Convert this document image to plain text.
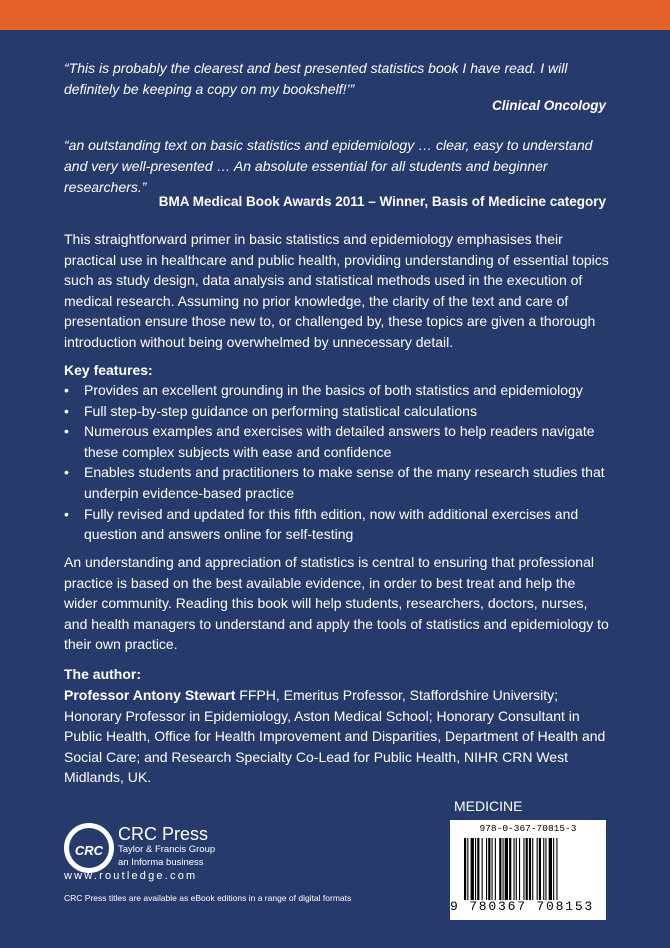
“This is probably the clearest and best presented statistics book I have read. I will definitely be keeping a copy on my bookshelf!’”
Clinical Oncology
“an outstanding text on basic statistics and epidemiology … clear, easy to understand and very well-presented … An absolute essential for all students and beginner researchers.”
BMA Medical Book Awards 2011 – Winner, Basis of Medicine category
This straightforward primer in basic statistics and epidemiology emphasises their practical use in healthcare and public health, providing understanding of essential topics such as study design, data analysis and statistical methods used in the execution of medical research. Assuming no prior knowledge, the clarity of the text and care of presentation ensure those new to, or challenged by, these topics are given a thorough introduction without being overwhelmed by unnecessary detail.
Key features:
• Provides an excellent grounding in the basics of both statistics and epidemiology
• Full step-by-step guidance on performing statistical calculations
• Numerous examples and exercises with detailed answers to help readers navigate these complex subjects with ease and confidence
• Enables students and practitioners to make sense of the many research studies that underpin evidence-based practice
• Fully revised and updated for this fifth edition, now with additional exercises and question and answers online for self-testing
An understanding and appreciation of statistics is central to ensuring that professional practice is based on the best available evidence, in order to best treat and help the wider community. Reading this book will help students, researchers, doctors, nurses, and health managers to understand and apply the tools of statistics and epidemiology to their own practice.
The author:
Professor Antony Stewart FFPH, Emeritus Professor, Staffordshire University; Honorary Professor in Epidemiology, Aston Medical School; Honorary Consultant in Public Health, Office for Health Improvement and Disparities, Department of Health and Social Care; and Research Specialty Co-Lead for Public Health, NIHR CRN West Midlands, UK.
CRC
CRC Press
Taylor & Francis Group
an Informa business
www.routledge.com
CRC Press titles are available as eBook editions in a range of digital formats
MEDICINE
978-0-367-70815-3
9 780367 708153
